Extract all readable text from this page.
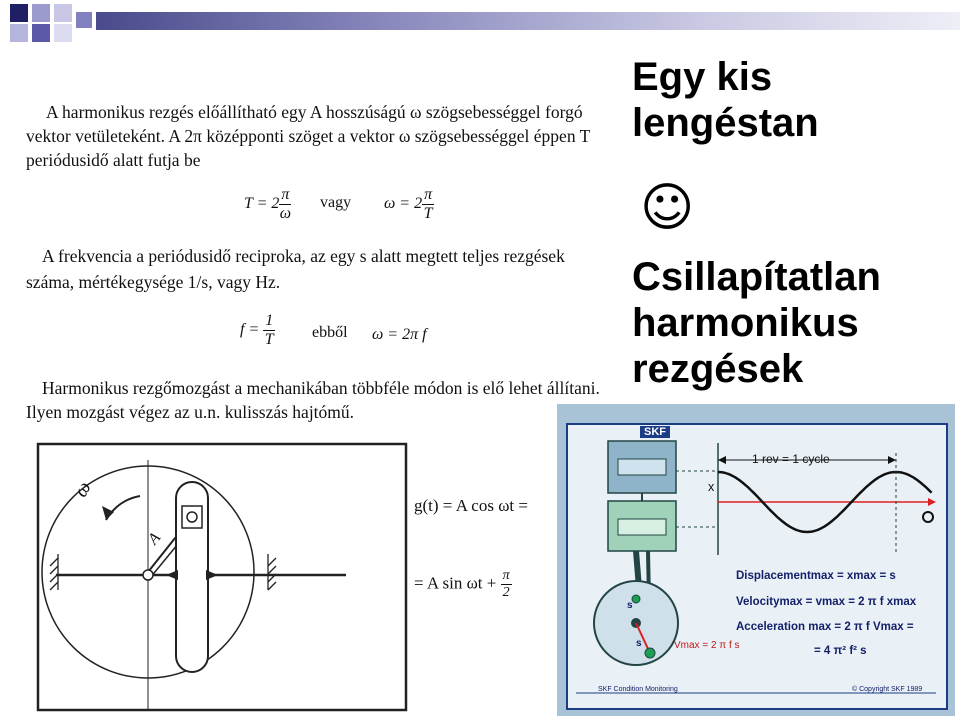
Egy kis lengéstan
☺
Csillapítatlan harmonikus rezgések
A harmonikus rezgés előállítható egy A hosszúságú ω szögsebességgel forgó
vektor vetületeként. A 2π középponti szöget a vektor ω szögsebességgel éppen T
periódusidő alatt futja be
$T = 2 \frac{\pi}{\omega}$ vagy $\omega = 2 \frac{\pi}{T}$
A frekvencia a periódusidő reciproka, az egy s alatt megtett teljes rezgések
száma, mértékegysége 1/s, vagy Hz.
$f = \frac{1}{T}$ ebből ω = 2π f
Harmonikus rezgőmozgást a mechanikában többféle módon is elő lehet állítani.
Ilyen mozgást végez az u.n. kulisszás hajtómű.
ω
A
g(t) = A cos ωt =
= A $\sin \omega t + \frac{\pi}{2}$
SKF
1 rev = 1 cycle
x
Displacementmax = xmax = s
Velocitymax = vmax = 2 π f xmax
Acceleration max = 2 π f Vmax =
= 4 π² f² s
Vmax = 2 π f s
s
s
SKF Condition Monitoring	© Copyright SKF 1989
